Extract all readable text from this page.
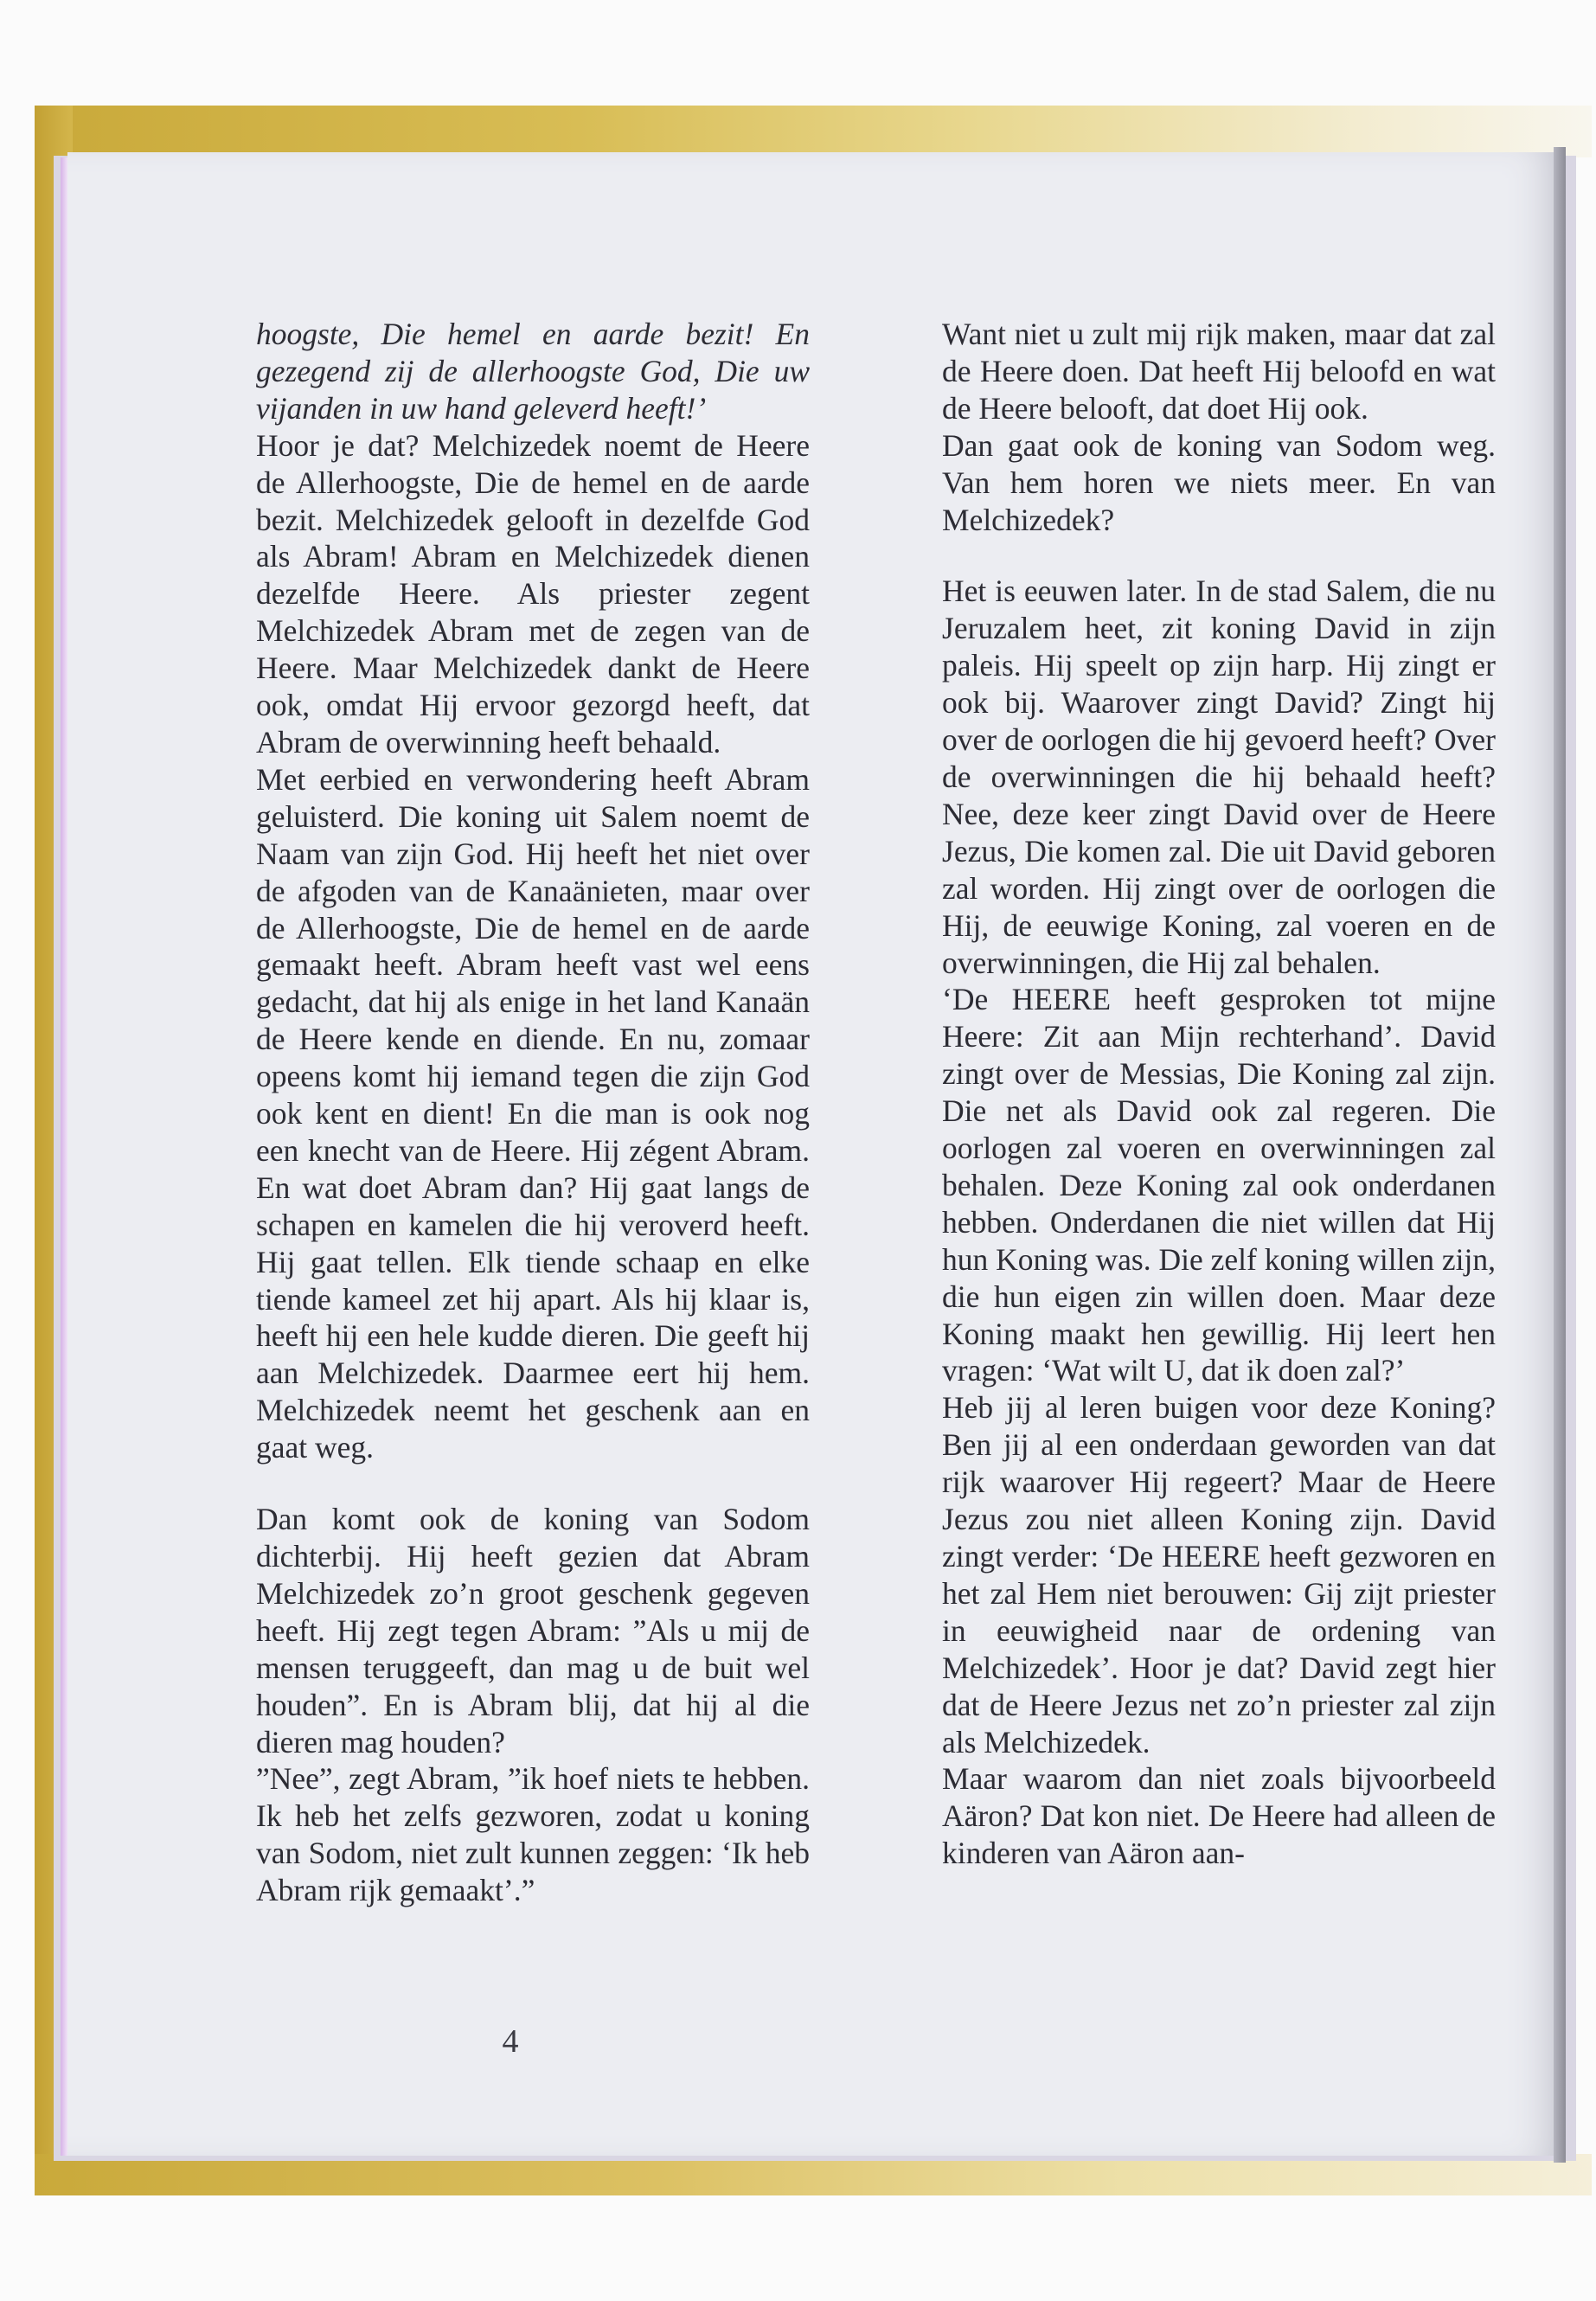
hoogste, Die hemel en aarde bezit! En gezegend zij de allerhoogste God, Die uw vijanden in uw hand geleverd heeft!’

Hoor je dat? Melchizedek noemt de Heere de Allerhoogste, Die de hemel en de aarde bezit. Melchizedek gelooft in dezelfde God als Abram! Abram en Melchizedek dienen dezelfde Heere. Als priester zegent Melchizedek Abram met de zegen van de Heere. Maar Melchizedek dankt de Heere ook, omdat Hij ervoor gezorgd heeft, dat Abram de overwinning heeft behaald.

Met eerbied en verwondering heeft Abram geluisterd. Die koning uit Salem noemt de Naam van zijn God. Hij heeft het niet over de afgoden van de Kanaänieten, maar over de Allerhoogste, Die de hemel en de aarde gemaakt heeft. Abram heeft vast wel eens gedacht, dat hij als enige in het land Kanaän de Heere kende en diende. En nu, zomaar opeens komt hij iemand tegen die zijn God ook kent en dient! En die man is ook nog een knecht van de Heere. Hij zégent Abram. En wat doet Abram dan? Hij gaat langs de schapen en kamelen die hij veroverd heeft. Hij gaat tellen. Elk tiende schaap en elke tiende kameel zet hij apart. Als hij klaar is, heeft hij een hele kudde dieren. Die geeft hij aan Melchizedek. Daarmee eert hij hem. Melchizedek neemt het geschenk aan en gaat weg.

Dan komt ook de koning van Sodom dichterbij. Hij heeft gezien dat Abram Melchizedek zo’n groot geschenk gegeven heeft. Hij zegt tegen Abram: ”Als u mij de mensen teruggeeft, dan mag u de buit wel houden”. En is Abram blij, dat hij al die dieren mag houden?

”Nee”, zegt Abram, ”ik hoef niets te hebben. Ik heb het zelfs gezworen, zodat u koning van Sodom, niet zult kunnen zeggen: ‘Ik heb Abram rijk gemaakt’.”

Want niet u zult mij rijk maken, maar dat zal de Heere doen. Dat heeft Hij beloofd en wat de Heere belooft, dat doet Hij ook.

Dan gaat ook de koning van Sodom weg. Van hem horen we niets meer. En van Melchizedek?

Het is eeuwen later. In de stad Salem, die nu Jeruzalem heet, zit koning David in zijn paleis. Hij speelt op zijn harp. Hij zingt er ook bij. Waarover zingt David? Zingt hij over de oorlogen die hij gevoerd heeft? Over de overwinningen die hij behaald heeft? Nee, deze keer zingt David over de Heere Jezus, Die komen zal. Die uit David geboren zal worden. Hij zingt over de oorlogen die Hij, de eeuwige Koning, zal voeren en de overwinningen, die Hij zal behalen.

‘De HEERE heeft gesproken tot mijne Heere: Zit aan Mijn rechterhand’. David zingt over de Messias, Die Koning zal zijn. Die net als David ook zal regeren. Die oorlogen zal voeren en overwinningen zal behalen. Deze Koning zal ook onderdanen hebben. Onderdanen die niet willen dat Hij hun Koning was. Die zelf koning willen zijn, die hun eigen zin willen doen. Maar deze Koning maakt hen gewillig. Hij leert hen vragen: ‘Wat wilt U, dat ik doen zal?’

Heb jij al leren buigen voor deze Koning? Ben jij al een onderdaan geworden van dat rijk waarover Hij regeert? Maar de Heere Jezus zou niet alleen Koning zijn. David zingt verder: ‘De HEERE heeft gezworen en het zal Hem niet berouwen: Gij zijt priester in eeuwigheid naar de ordening van Melchizedek’. Hoor je dat? David zegt hier dat de Heere Jezus net zo’n priester zal zijn als Melchizedek.

Maar waarom dan niet zoals bijvoorbeeld Aäron? Dat kon niet. De Heere had alleen de kinderen van Aäron aan-

4
